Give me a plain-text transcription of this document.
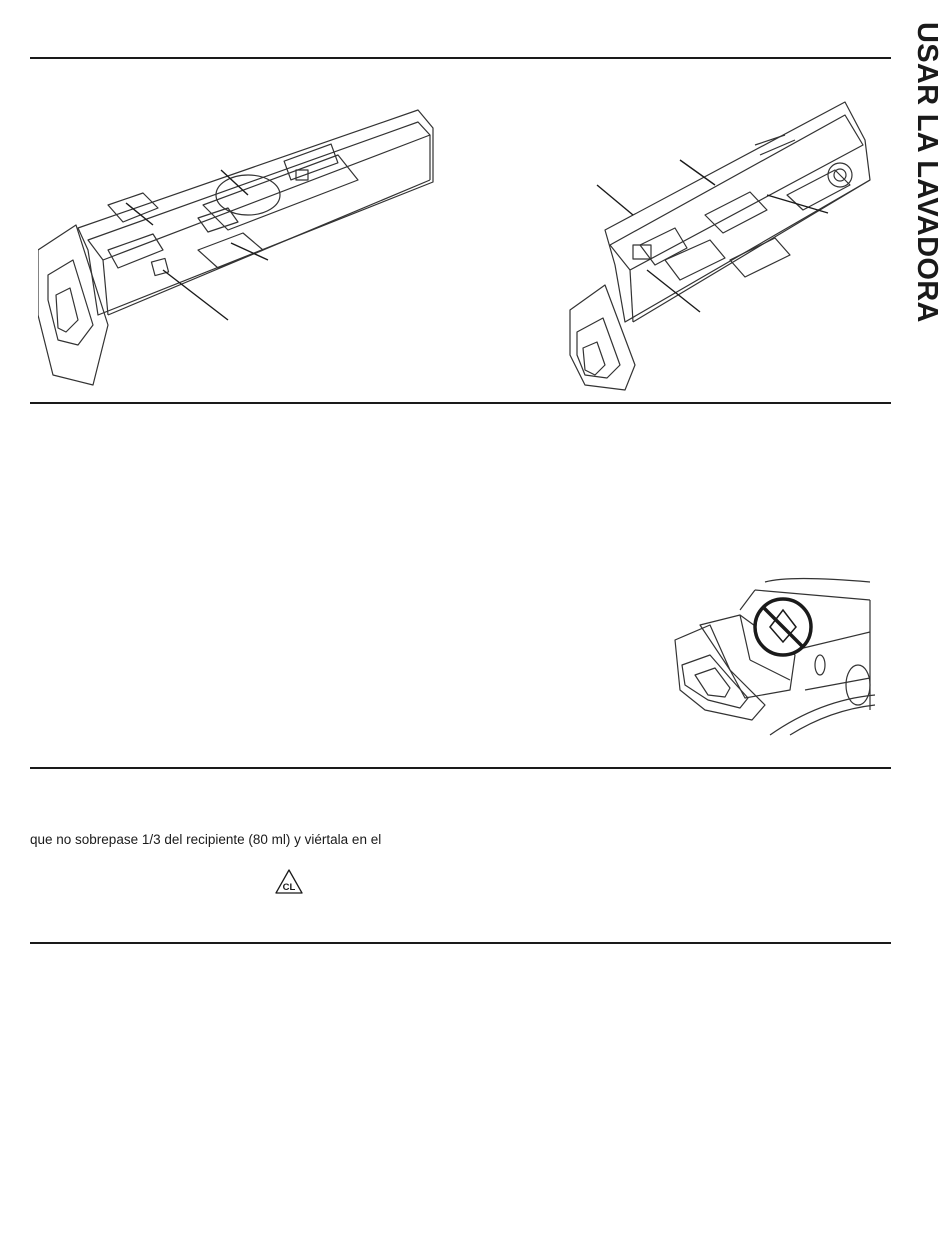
USAR LA LAVADORA
que no sobrepase 1/3 del recipiente (80 ml) y viértala en el
CL
